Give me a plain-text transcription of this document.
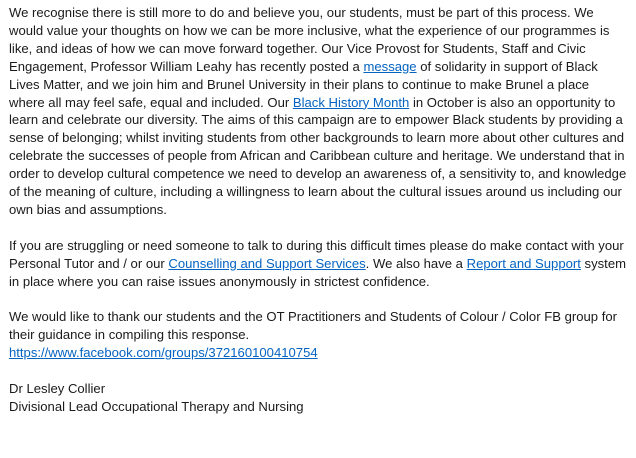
We recognise there is still more to do and believe you, our students, must be part of this process. We would value your thoughts on how we can be more inclusive, what the experience of our programmes is like, and ideas of how we can move forward together. Our Vice Provost for Students, Staff and Civic Engagement, Professor William Leahy has recently posted a message of solidarity in support of Black Lives Matter, and we join him and Brunel University in their plans to continue to make Brunel a place where all may feel safe, equal and included. Our Black History Month in October is also an opportunity to learn and celebrate our diversity. The aims of this campaign are to empower Black students by providing a sense of belonging; whilst inviting students from other backgrounds to learn more about other cultures and celebrate the successes of people from African and Caribbean culture and heritage. We understand that in order to develop cultural competence we need to develop an awareness of, a sensitivity to, and knowledge of the meaning of culture, including a willingness to learn about the cultural issues around us including our own bias and assumptions.

If you are struggling or need someone to talk to during this difficult times please do make contact with your Personal Tutor and / or our Counselling and Support Services. We also have a Report and Support system in place where you can raise issues anonymously in strictest confidence.

We would like to thank our students and the OT Practitioners and Students of Colour / Color FB group for their guidance in compiling this response.
https://www.facebook.com/groups/372160100410754

Dr Lesley Collier
Divisional Lead Occupational Therapy and Nursing
